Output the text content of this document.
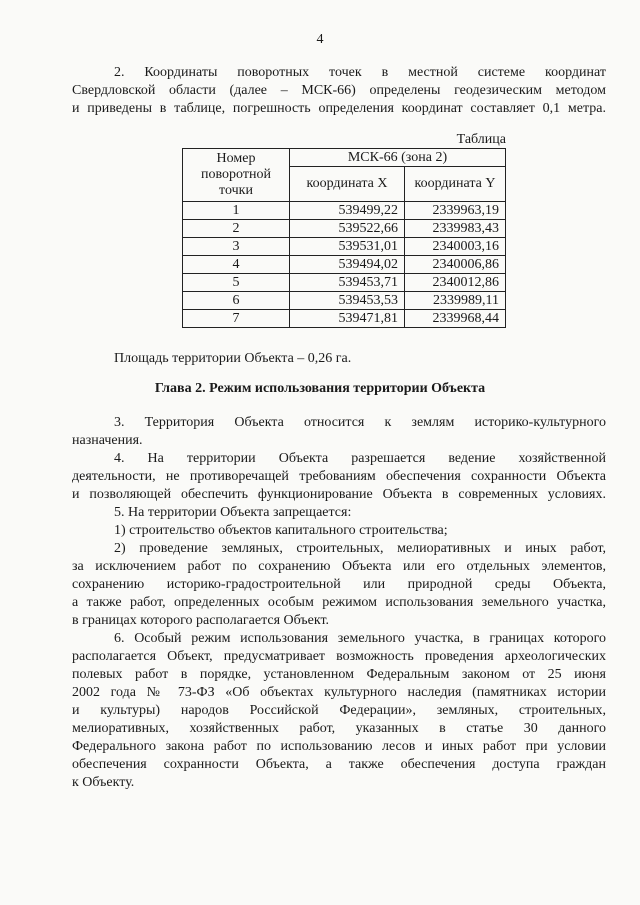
4

2. Координаты поворотных точек в местной системе координат

Свердловской области (далее – МСК-66) определены геодезическим методом

и приведены в таблице, погрешность определения координат составляет 0,1 метра.

Таблица
Номер поворотной точки	МСК-66 (зона 2)	
	координата X	координата Y
1	539499,22	2339963,19
2	539522,66	2339983,43
3	539531,01	2340003,16
4	539494,02	2340006,86
5	539453,71	2340012,86
6	539453,53	2339989,11
7	539471,81	2339968,44

Площадь территории Объекта – 0,26 га.

Глава 2. Режим использования территории Объекта

3. Территория Объекта относится к землям историко-культурного

назначения.

4. На территории Объекта разрешается ведение хозяйственной

деятельности, не противоречащей требованиям обеспечения сохранности Объекта

и позволяющей обеспечить функционирование Объекта в современных условиях.

5. На территории Объекта запрещается:

1) строительство объектов капитального строительства;

2) проведение земляных, строительных, мелиоративных и иных работ,

за исключением работ по сохранению Объекта или его отдельных элементов,

сохранению историко-градостроительной или природной среды Объекта,

а также работ, определенных особым режимом использования земельного участка,

в границах которого располагается Объект.

6. Особый режим использования земельного участка, в границах которого

располагается Объект, предусматривает возможность проведения археологических

полевых работ в порядке, установленном Федеральным законом от 25 июня

2002 года № 73-ФЗ «Об объектах культурного наследия (памятниках истории

и культуры) народов Российской Федерации», земляных, строительных,

мелиоративных, хозяйственных работ, указанных в статье 30 данного

Федерального закона работ по использованию лесов и иных работ при условии

обеспечения сохранности Объекта, а также обеспечения доступа граждан

к Объекту.
